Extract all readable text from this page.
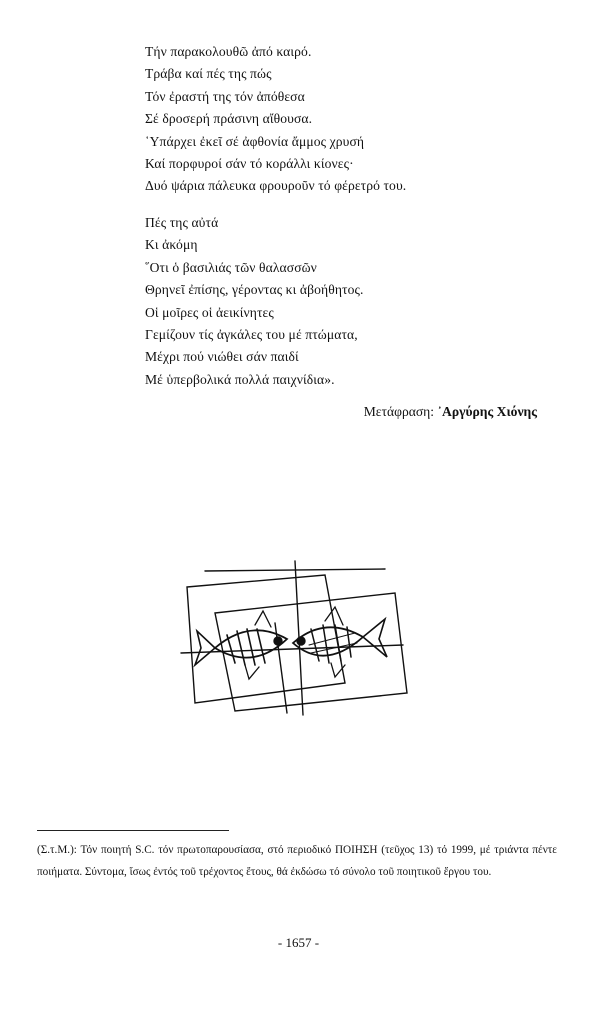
Τήν παρακολουθῶ ἀπό καιρό.
Τράβα καί πές της πώς
Τόν ἐραστή της τόν ἀπόθεσα
Σέ δροσερή πράσινη αἴθουσα.
῾Υπάρχει ἐκεῖ σέ ἀφθονία ἄμμος χρυσή
Καί πορφυροί σάν τό κοράλλι κίονες·
Δυό ψάρια πάλευκα φρουροῦν τό φέρετρό του.
Πές της αὐτά
Κι ἀκόμη
῞Οτι ὁ βασιλιάς τῶν θαλασσῶν
Θρηνεῖ ἐπίσης, γέροντας κι ἀβοήθητος.
Οἱ μοῖρες οἱ ἀεικίνητες
Γεμίζουν τίς ἀγκάλες του μέ πτώματα,
Μέχρι πού νιώθει σάν παιδί
Μέ ὑπερβολικά πολλά παιχνίδια».
Μετάφραση: ᾿Αργύρης Χιόνης

(Σ.τ.Μ.): Τόν ποιητή S.C. τόν πρωτοπαρουσίασα, στό περιοδικό ΠΟΙΗΣΗ (τεῦχος 13) τό 1999, μέ τριάντα πέντε ποιήματα. Σύντομα, ἴσως ἐντός τοῦ τρέχοντος ἔτους, θά ἐκδώσω τό σύνολο τοῦ ποιητικοῦ ἔργου του.

- 1657 -
